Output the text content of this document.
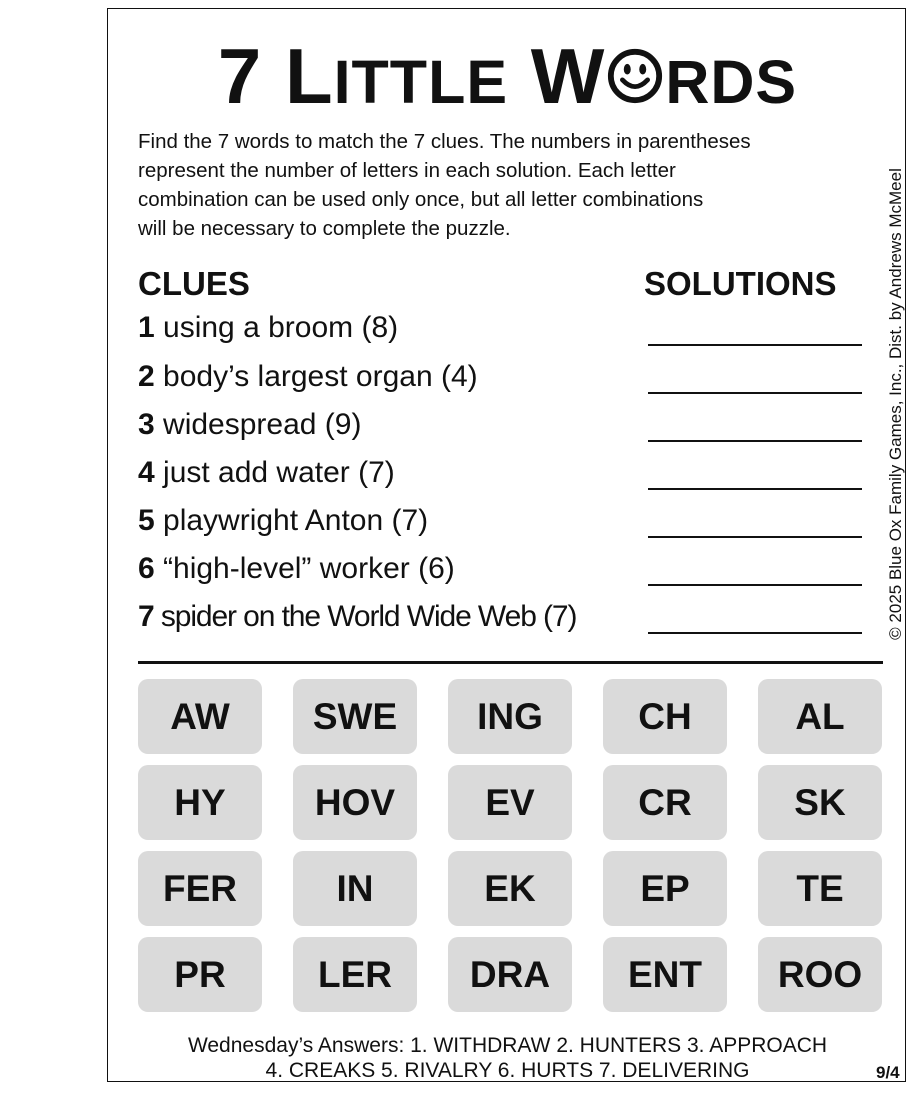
7 LITTLE W RDS
Find the 7 words to match the 7 clues. The numbers in parentheses
represent the number of letters in each solution. Each letter
combination can be used only once, but all letter combinations
will be necessary to complete the puzzle.	© 2025 Blue Ox Family Games, Inc., Dist. by Andrews McMeel
CLUES	SOLUTIONS
1 using a broom (8)
2 body’s largest organ (4)
3 widespread (9)
4 just add water (7)
5 playwright Anton (7)
6 “high-level” worker (6)
7 spider on the World Wide Web (7)
AW	SWE	ING	CH	AL
HY	HOV	EV	CR	SK
FER	IN	EK	EP	TE
PR	LER	DRA	ENT	ROO
Wednesday’s Answers: 1. WITHDRAW 2. HUNTERS 3. APPROACH
4. CREAKS 5. RIVALRY 6. HURTS 7. DELIVERING	9/4
